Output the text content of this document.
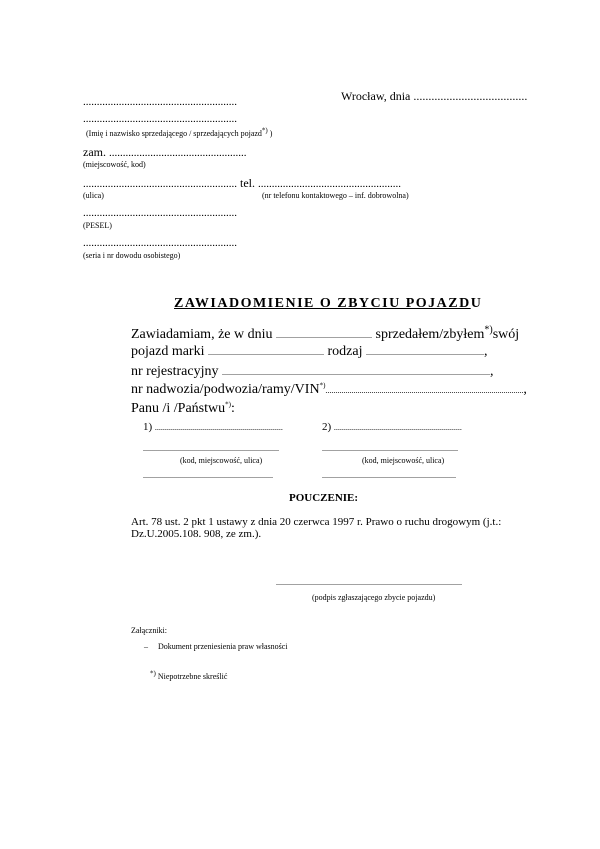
Wrocław, dnia ......................................
........................................................
........................................................
(Imię i nazwisko sprzedającego / sprzedających pojazd*) )
zam. ..................................................
(miejscowość, kod)
........................................................ tel. ....................................................
(ulica)	(nr telefonu kontaktowego – inf. dobrowolna)
........................................................
(PESEL)
........................................................
(seria i nr dowodu osobistego)
ZAWIADOMIENIE O ZBYCIU POJAZDU
Zawiadamiam, że w dniu ................................................ sprzedałem/zbyłem*)swój
pojazd marki .......................................................... rodzaj ...........................................................,
nr rejestracyjny ......................................................................................................................................,
nr nadwozia/podwozia/ramy/VIN*)...................................................................................................,
Panu /i /Państwu*):
1) ................................................................	2) ................................................................
....................................................................	....................................................................
(kod, miejscowość, ulica)	(kod, miejscowość, ulica)
.................................................................	...................................................................
POUCZENIE:
Art. 78 ust. 2 pkt 1 ustawy z dnia 20 czerwca 1997 r. Prawo o ruchu drogowym (j.t.:
Dz.U.2005.108. 908, ze zm.).
.............................................................................................
(podpis zgłaszającego zbycie pojazdu)
Załączniki:
– Dokument przeniesienia praw własności
*) Niepotrzebne skreślić
